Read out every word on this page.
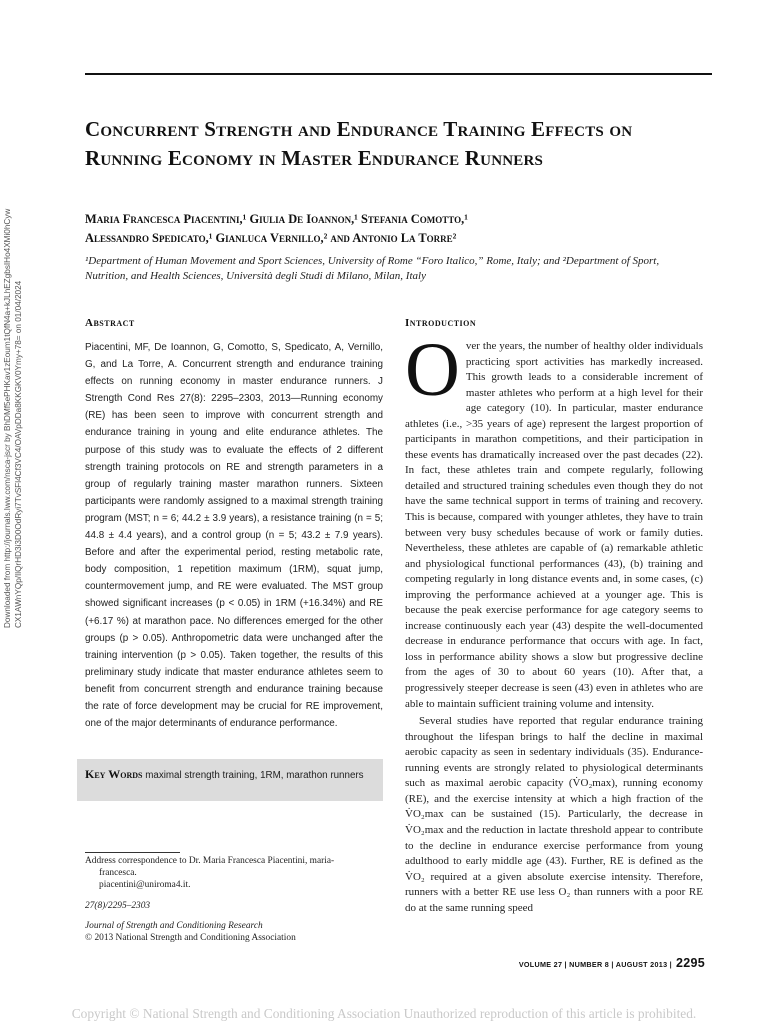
Downloaded from http://journals.lww.com/nsca-jscr by BhDMf5ePHKav1zEoum1tQfN4a+kJLhEZgbsIHo4XMi0hCyw CX1AWnYQp/IlQrHD3i3D0OdRyi7TvSFl4Cf3VC4/OAVpDDa8KKGKV0Ymy+78= on 01/04/2024
Concurrent Strength and Endurance Training Effects on Running Economy in Master Endurance Runners
Maria Francesca Piacentini,¹ Giulia De Ioannon,¹ Stefania Comotto,¹
Alessandro Spedicato,¹ Gianluca Vernillo,² and Antonio La Torre²
¹Department of Human Movement and Sport Sciences, University of Rome “Foro Italico,” Rome, Italy; and ²Department of Sport, Nutrition, and Health Sciences, Università degli Studi di Milano, Milan, Italy
Abstract

Piacentini, MF, De Ioannon, G, Comotto, S, Spedicato, A, Vernillo, G, and La Torre, A. Concurrent strength and endurance training effects on running economy in master endurance runners. J Strength Cond Res 27(8): 2295–2303, 2013—Running economy (RE) has been seen to improve with concurrent strength and endurance training in young and elite endurance athletes. The purpose of this study was to evaluate the effects of 2 different strength training protocols on RE and strength parameters in a group of regularly training master marathon runners. Sixteen participants were randomly assigned to a maximal strength training program (MST; n = 6; 44.2 ± 3.9 years), a resistance training (n = 5; 44.8 ± 4.4 years), and a control group (n = 5; 43.2 ± 7.9 years). Before and after the experimental period, resting metabolic rate, body composition, 1 repetition maximum (1RM), squat jump, countermovement jump, and RE were evaluated. The MST group showed significant increases (p < 0.05) in 1RM (+16.34%) and RE (+6.17 %) at marathon pace. No differences emerged for the other groups (p > 0.05). Anthropometric data were unchanged after the training intervention (p > 0.05). Taken together, the results of this preliminary study indicate that master endurance athletes seem to benefit from concurrent strength and endurance training because the rate of force development may be crucial for RE improvement, one of the major determinants of endurance performance.

Key Words maximal strength training, 1RM, marathon runners
Address correspondence to Dr. Maria Francesca Piacentini, maria-
francesca.
piacentini@uniroma4.it.
27(8)/2295–2303
Journal of Strength and Conditioning Research
© 2013 National Strength and Conditioning Association
Introduction

Over the years, the number of healthy older individuals practicing sport activities has markedly increased. This growth leads to a considerable increment of master athletes who perform at a high level for their age category (10). In particular, master endurance athletes (i.e., >35 years of age) represent the largest proportion of participants in marathon competitions, and their participation in these events has dramatically increased over the past decades (22). In fact, these athletes train and compete regularly, following detailed and structured training schedules even though they do not have the same technical support in terms of training and recovery. This is because, compared with younger athletes, they have to train between very busy schedules because of work or family duties. Nevertheless, these athletes are capable of (a) remarkable athletic and physiological functional performances (43), (b) training and competing regularly in long distance events and, in some cases, (c) improving the performance achieved at a younger age. This is because the peak exercise performance for age category seems to increase continuously each year (43) despite the well-documented decrease in endurance performance that occurs with age. In fact, loss in performance ability shows a slow but progressive decline from the ages of 30 to about 60 years (10). After that, a progressively steeper decrease is seen (43) even in athletes who are able to maintain sufficient training volume and intensity.

Several studies have reported that regular endurance training throughout the lifespan brings to half the decline in maximal aerobic capacity as seen in sedentary individuals (35). Endurance-running events are strongly related to physiological determinants such as maximal aerobic capacity (V̇O₂max), running economy (RE), and the exercise intensity at which a high fraction of the V̇O₂max can be sustained (15). Particularly, the decrease in V̇O₂max and the reduction in lactate threshold appear to contribute to the decline in endurance exercise performance from young adulthood to early middle age (43). Further, RE is defined as the V̇O₂ required at a given absolute exercise intensity. Therefore, runners with a better RE use less O₂ than runners with a poor RE do at the same running speed

VOLUME 27 | NUMBER 8 | AUGUST 2013 | 2295
Copyright © National Strength and Conditioning Association Unauthorized reproduction of this article is prohibited.
